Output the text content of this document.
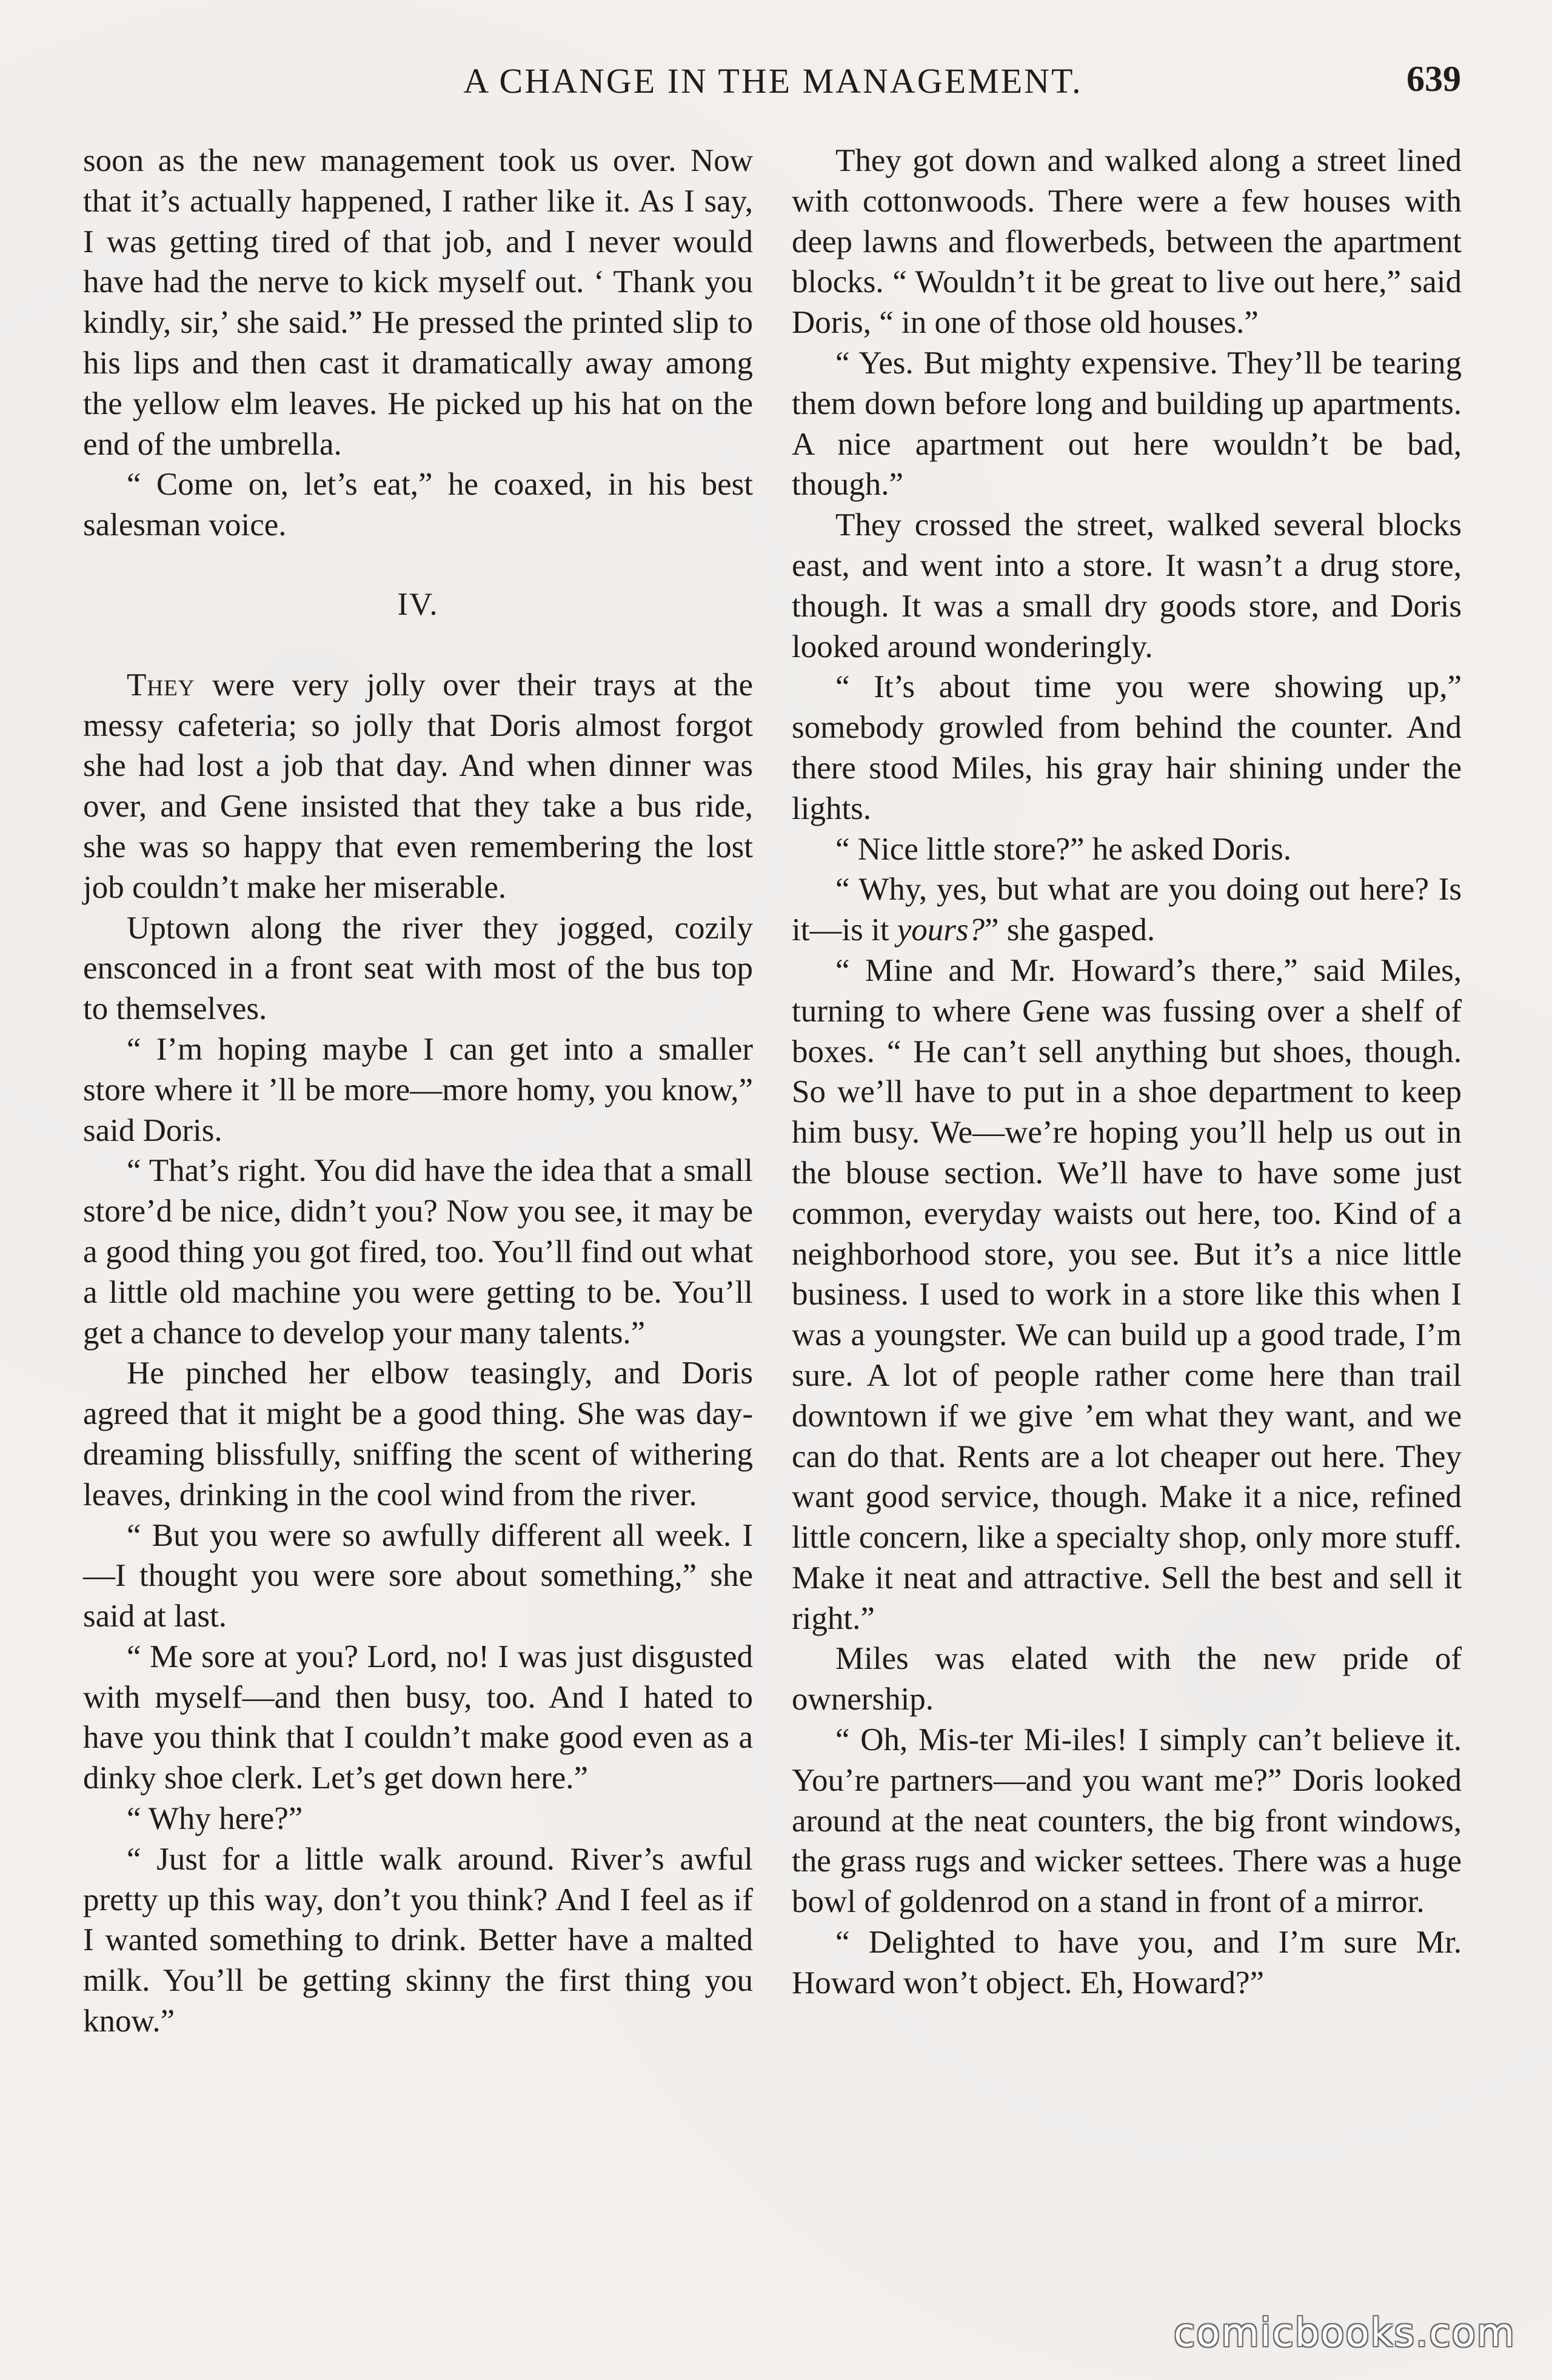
A CHANGE IN THE MANAGEMENT.	639

soon as the new management took us over. Now that it’s actually happened, I rather like it. As I say, I was getting tired of that job, and I never would have had the nerve to kick myself out. ‘ Thank you kindly, sir,’ she said.” He pressed the printed slip to his lips and then cast it dramatically away among the yellow elm leaves. He picked up his hat on the end of the umbrella.

“ Come on, let’s eat,” he coaxed, in his best salesman voice.

IV.

They were very jolly over their trays at the messy cafeteria; so jolly that Doris almost forgot she had lost a job that day. And when dinner was over, and Gene insisted that they take a bus ride, she was so happy that even remembering the lost job couldn’t make her miserable.

Uptown along the river they jogged, cozily ensconced in a front seat with most of the bus top to themselves.

“ I’m hoping maybe I can get into a smaller store where it ’ll be more—more homy, you know,” said Doris.

“ That’s right. You did have the idea that a small store’d be nice, didn’t you? Now you see, it may be a good thing you got fired, too. You’ll find out what a little old machine you were getting to be. You’ll get a chance to develop your many talents.”

He pinched her elbow teasingly, and Doris agreed that it might be a good thing. She was day-dreaming blissfully, sniffing the scent of withering leaves, drinking in the cool wind from the river.

“ But you were so awfully different all week. I—I thought you were sore about something,” she said at last.

“ Me sore at you? Lord, no! I was just disgusted with myself—and then busy, too. And I hated to have you think that I couldn’t make good even as a dinky shoe clerk. Let’s get down here.”

“ Why here?”

“ Just for a little walk around. River’s awful pretty up this way, don’t you think? And I feel as if I wanted something to drink. Better have a malted milk. You’ll be getting skinny the first thing you know.”

They got down and walked along a street lined with cottonwoods. There were a few houses with deep lawns and flowerbeds, between the apartment blocks. “ Wouldn’t it be great to live out here,” said Doris, “ in one of those old houses.”

“ Yes. But mighty expensive. They’ll be tearing them down before long and building up apartments. A nice apartment out here wouldn’t be bad, though.”

They crossed the street, walked several blocks east, and went into a store. It wasn’t a drug store, though. It was a small dry goods store, and Doris looked around wonderingly.

“ It’s about time you were showing up,” somebody growled from behind the counter. And there stood Miles, his gray hair shining under the lights.

“ Nice little store?” he asked Doris.

“ Why, yes, but what are you doing out here? Is it—is it yours?” she gasped.

“ Mine and Mr. Howard’s there,” said Miles, turning to where Gene was fussing over a shelf of boxes. “ He can’t sell anything but shoes, though. So we’ll have to put in a shoe department to keep him busy. We—we’re hoping you’ll help us out in the blouse section. We’ll have to have some just common, everyday waists out here, too. Kind of a neighborhood store, you see. But it’s a nice little business. I used to work in a store like this when I was a youngster. We can build up a good trade, I’m sure. A lot of people rather come here than trail downtown if we give ’em what they want, and we can do that. Rents are a lot cheaper out here. They want good service, though. Make it a nice, refined little concern, like a specialty shop, only more stuff. Make it neat and attractive. Sell the best and sell it right.”

Miles was elated with the new pride of ownership.

“ Oh, Mis-ter Mi-iles! I simply can’t believe it. You’re partners—and you want me?” Doris looked around at the neat counters, the big front windows, the grass rugs and wicker settees. There was a huge bowl of goldenrod on a stand in front of a mirror.

“ Delighted to have you, and I’m sure Mr. Howard won’t object. Eh, Howard?”

comicbooks.com
